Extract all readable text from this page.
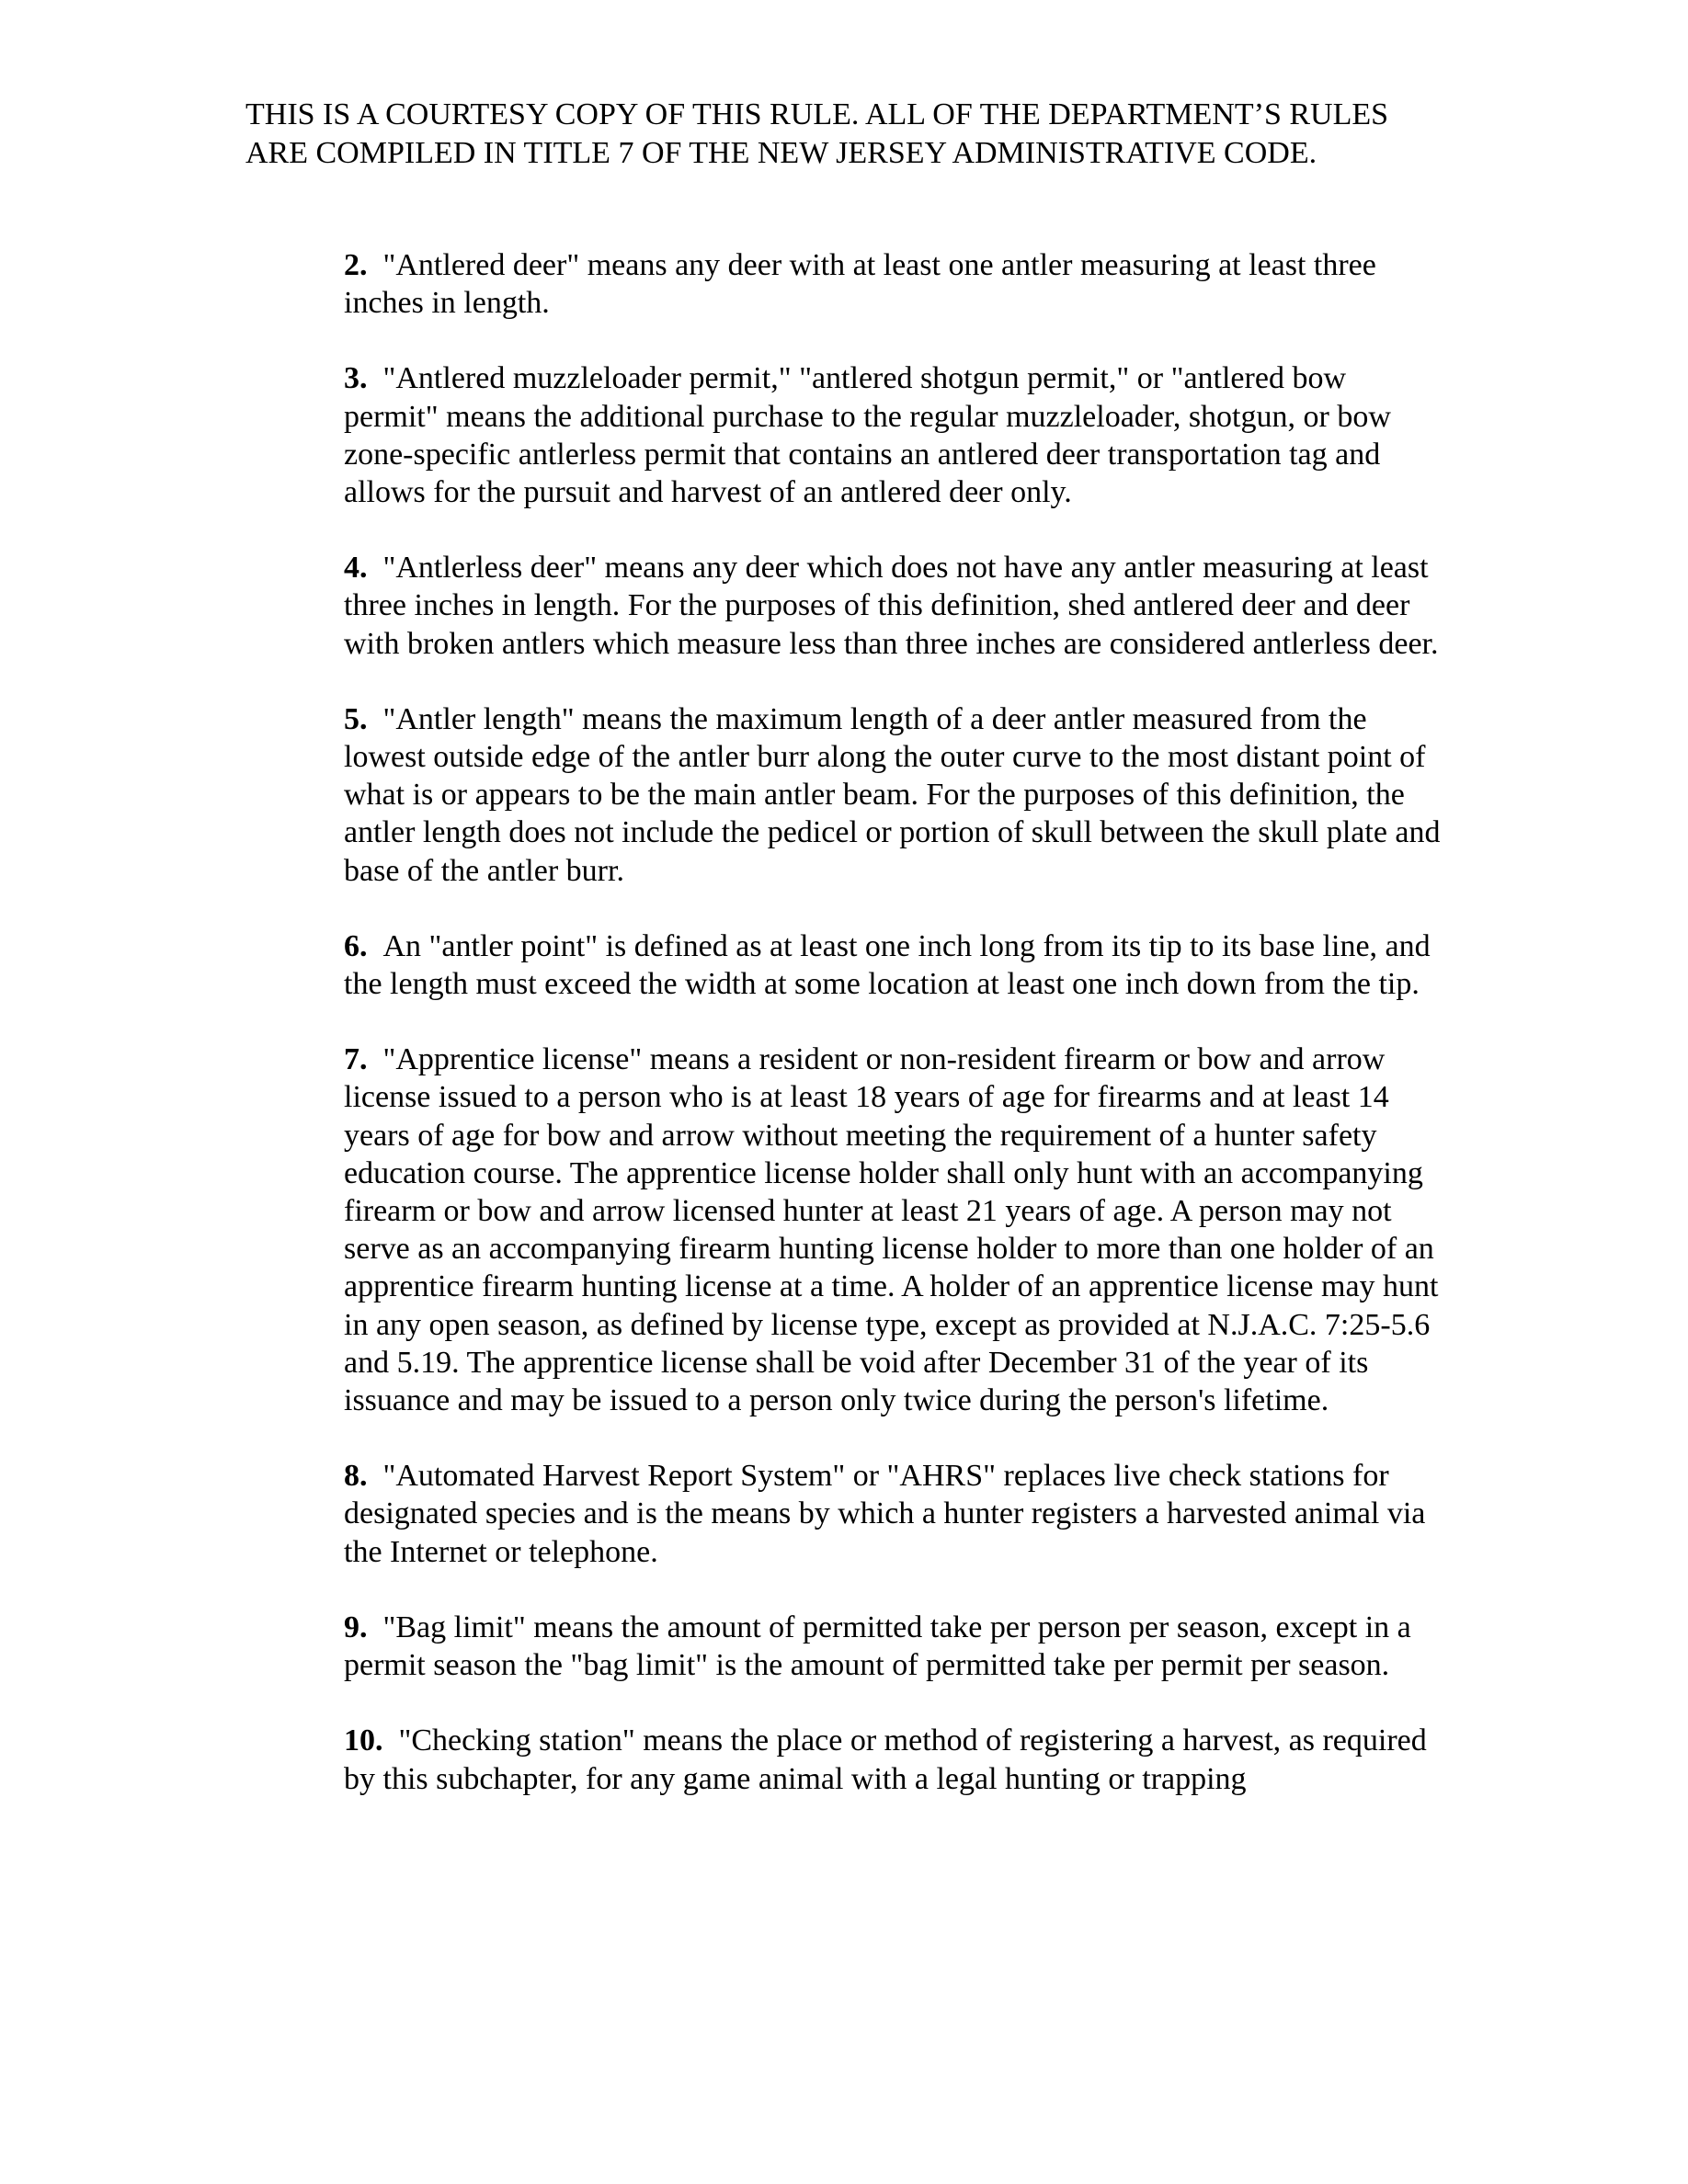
THIS IS A COURTESY COPY OF THIS RULE. ALL OF THE DEPARTMENT’S RULES ARE COMPILED IN TITLE 7 OF THE NEW JERSEY ADMINISTRATIVE CODE.

2. "Antlered deer" means any deer with at least one antler measuring at least three inches in length.
3. "Antlered muzzleloader permit," "antlered shotgun permit," or "antlered bow permit" means the additional purchase to the regular muzzleloader, shotgun, or bow zone-specific antlerless permit that contains an antlered deer transportation tag and allows for the pursuit and harvest of an antlered deer only.
4. "Antlerless deer" means any deer which does not have any antler measuring at least three inches in length. For the purposes of this definition, shed antlered deer and deer with broken antlers which measure less than three inches are considered antlerless deer.
5. "Antler length" means the maximum length of a deer antler measured from the lowest outside edge of the antler burr along the outer curve to the most distant point of what is or appears to be the main antler beam. For the purposes of this definition, the antler length does not include the pedicel or portion of skull between the skull plate and base of the antler burr.
6. An "antler point" is defined as at least one inch long from its tip to its base line, and the length must exceed the width at some location at least one inch down from the tip.
7. "Apprentice license" means a resident or non-resident firearm or bow and arrow license issued to a person who is at least 18 years of age for firearms and at least 14 years of age for bow and arrow without meeting the requirement of a hunter safety education course. The apprentice license holder shall only hunt with an accompanying firearm or bow and arrow licensed hunter at least 21 years of age. A person may not serve as an accompanying firearm hunting license holder to more than one holder of an apprentice firearm hunting license at a time. A holder of an apprentice license may hunt in any open season, as defined by license type, except as provided at N.J.A.C. 7:25-5.6 and 5.19. The apprentice license shall be void after December 31 of the year of its issuance and may be issued to a person only twice during the person's lifetime.
8. "Automated Harvest Report System" or "AHRS" replaces live check stations for designated species and is the means by which a hunter registers a harvested animal via the Internet or telephone.
9. "Bag limit" means the amount of permitted take per person per season, except in a permit season the "bag limit" is the amount of permitted take per permit per season.
10. "Checking station" means the place or method of registering a harvest, as required by this subchapter, for any game animal with a legal hunting or trapping
